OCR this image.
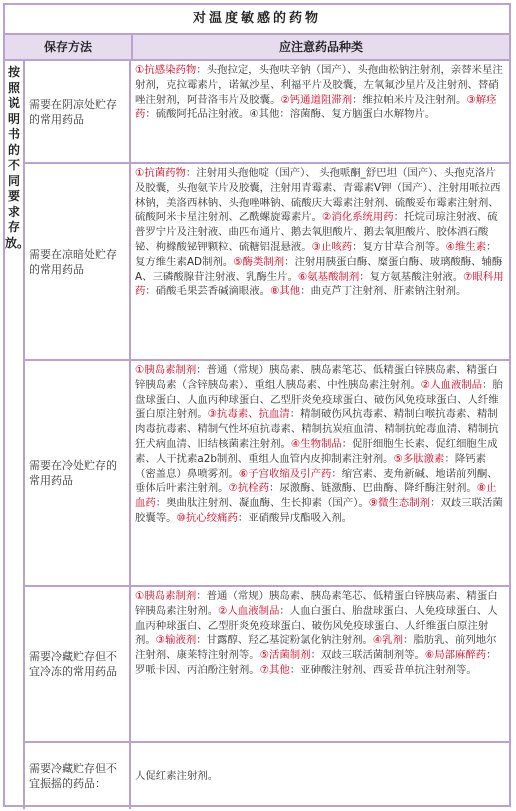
对温度敏感的药物
保存方法	应注意药品种类
按照说明书的不同要求存放。
需要在阴凉处贮存的常用药品
①抗感染药物：头孢拉定，头孢呋辛钠（国产）、头孢曲松钠注射剂，亲替米星注射剂，克拉霉素片，诺氟沙星、利福平片及胶囊，左氧氟沙星片及注射剂、替硝唑注射剂，阿昔洛韦片及胶囊。②钙通道阻滞剂：维拉帕米片及注射剂。③解痉药：硫酸阿托品注射液。④其他：溶菌酶、复方脑蛋白水解物片。
需要在凉暗处贮存的常用药品
①抗菌药物：注射用头孢他啶（国产）、 头孢哌酮_舒巴坦（国产）、头孢克洛片及胶囊，头孢氨苄片及胶囊，注射用青霉素、青霉素V钾（国产）、注射用哌拉西林钠，美洛西林钠、头孢唑啉钠、硫酸庆大霉素注射剂、硫酸妥布霉素注射剂、硫酸阿米卡星注射剂、乙酰螺旋霉素片。②消化系统用药：托烷司琼注射液、硫普罗宁片及注射液、曲匹布通片、鹅去氧胆酸片、鹅去氧胆酸片、胶体酒石酸铋、枸橼酸铋钾颗粒、硫糖铝混悬液。③止咳药：复方甘草合剂等。④维生素：复方维生素AD制剂。⑤酶类制剂：注射用胰蛋白酶、糜蛋白酶、玻璃酸酶、辅酶A、三磷酸腺苷注射液、乳酶生片。⑥氨基酸制剂：复方氨基酸注射液。⑦眼科用药：硝酸毛果芸香碱滴眼液。⑧其他：曲克芦丁注射剂、肝素钠注射剂。
需要在冷处贮存的常用药品
①胰岛素制剂：普通（常规）胰岛素、胰岛素笔芯、低精蛋白锌胰岛素、精蛋白锌胰岛素（含锌胰岛素）、重组人胰岛素、中性胰岛素注射剂。②人血液制品：胎盘球蛋白、人血丙种球蛋白、乙型肝炎免疫球蛋白、破伤风免疫球蛋白、人纤维蛋白原注射剂。③抗毒素、抗血清：精制破伤风抗毒素、精制白喉抗毒素、精制肉毒抗毒素、精制气性坏疽抗毒素、精制抗炭疽血清、精制抗蛇毒血清、精制抗狂犬病血清、旧结核菌素注射剂。④生物制品：促肝细胞生长素、促红细胞生成素、人干扰素a2b制剂、重组人血管内皮抑制素注射剂。⑤多肽激素：降钙素（密盖息）鼻喷雾剂。⑥子宫收缩及引产药：缩宫素、麦角新碱、地诺前列酮、垂体后叶素注射剂。⑦抗栓药：尿激酶、链激酶、巴曲酶、降纤酶注射剂。⑧止血药：奥曲肽注射剂、凝血酶、生长抑素（国产）。⑨微生态制剂：双歧三联活菌胶囊等。⑩抗心绞痛药：亚硝酸异戊酯吸入剂。
需要冷藏贮存但不宜冷冻的常用药品
①胰岛素制剂：普通（常规）胰岛素、胰岛素笔芯、低精蛋白锌胰岛素、精蛋白锌胰岛素注射剂。②人血液制品：人血白蛋白、胎盘球蛋白、人免疫球蛋白、人血丙种球蛋白、乙型肝炎免疫球蛋白、破伤风免疫球蛋白、人纤维蛋白原注射剂。③输液剂：甘露醇、羟乙基淀粉氯化钠注射剂。④乳剂：脂肪乳、前列地尔注射剂、康莱特注射剂等。⑤活菌制剂：双歧三联活菌制剂等。⑥局部麻醉药：罗哌卡因、丙泊酚注射剂。⑦其他：亚砷酸注射剂、西妥昔单抗注射剂等。
需要冷藏贮存但不宜振摇的药品：
人促红素注射剂。
